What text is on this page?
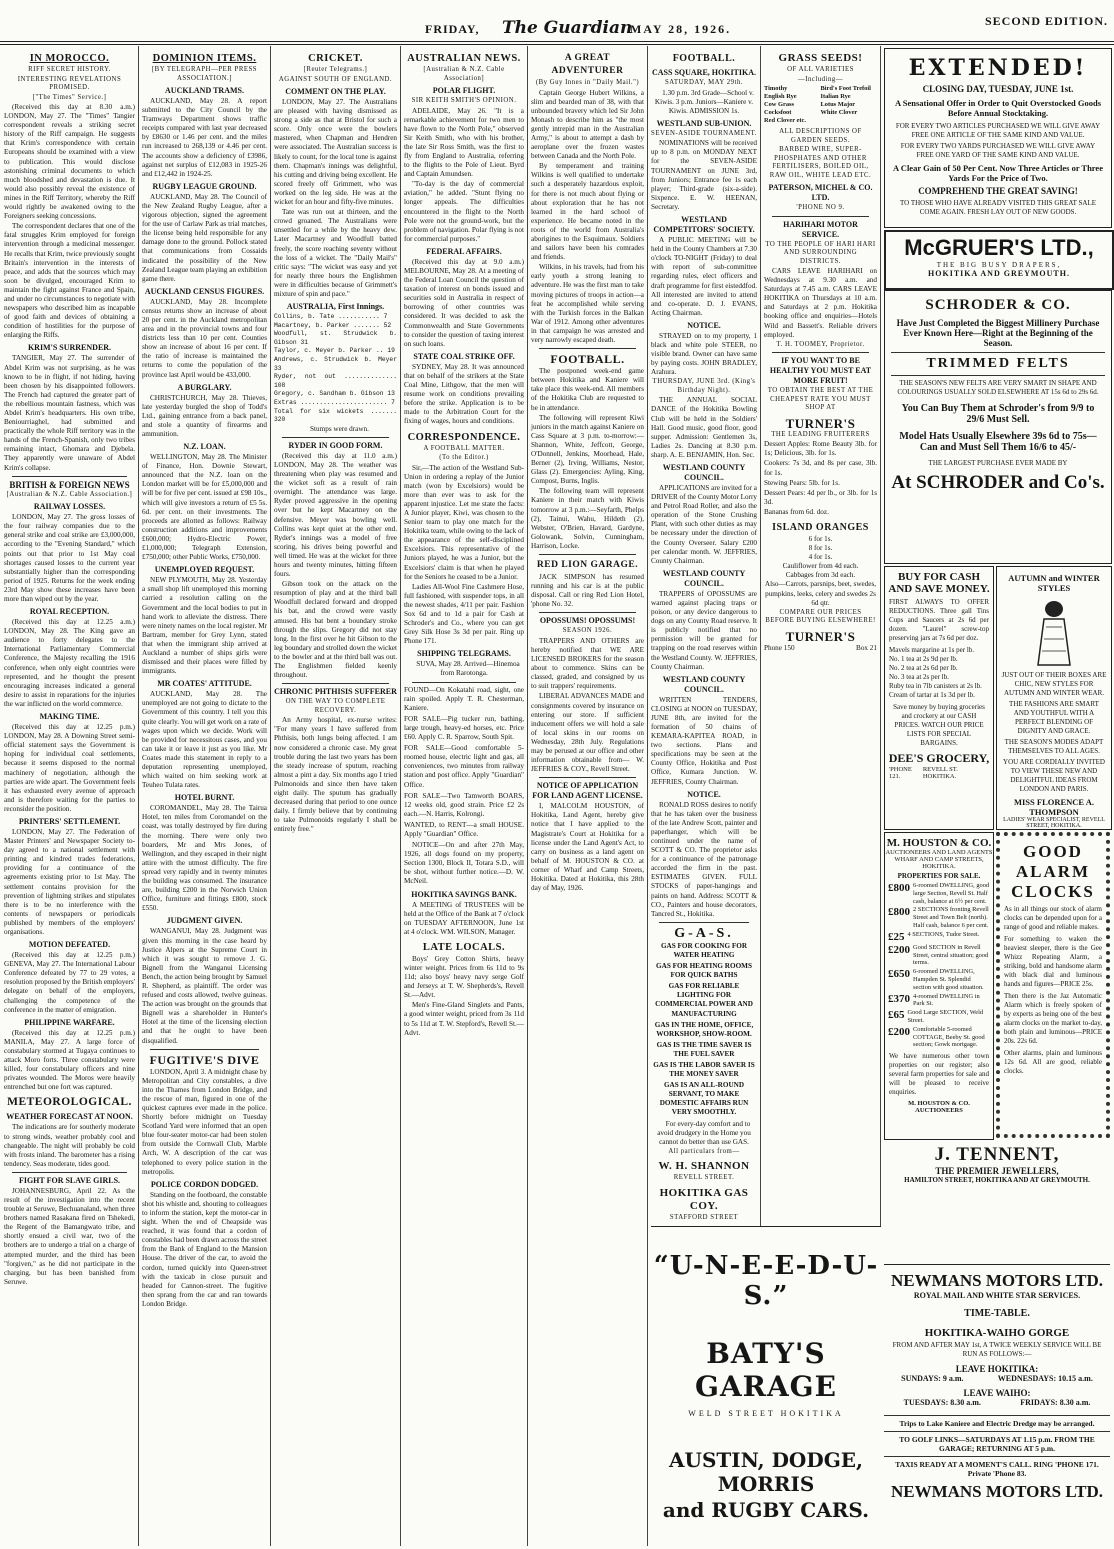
FRIDAY, The Guardian
MAY 28, 1926.
SECOND EDITION.
IN MOROCCO.
RIFF SECRET HISTORY.
INTERESTING REVELATIONS PROMISED.
["The Times" Service.]

(Received this day at 8.30 a.m.) LONDON, May 27. The "Times" Tangier correspondent reveals a striking secret history of the Riff campaign. He suggests that Krim's correspondence with certain Europeans should be examined with a view to publication. This would disclose astonishing criminal documents to which much bloodshed and devastation is due. It would also possibly reveal the existence of mines in the Riff Territory, whereby the Riff would rightly be awakened owing to the Foreigners seeking concessions.

The correspondent declares that one of the fatal struggles Krim employed for foreign intervention through a medicinal messenger. He recalls that Krim, twice previously sought Britain's intervention in the interests of peace, and adds that the sources which may soon be divulged, encouraged Krim to maintain the fight against France and Spain, and under no circumstances to negotiate with newspapers who described him as incapable of good faith and devices of obtaining a condition of hostilities for the purpose of enlarging the Riffs.

KRIM'S SURRENDER.

TANGIER, May 27. The surrender of Abdel Krim was not surprising, as he was known to be in flight, if not hiding, having been chosen by his disappointed followers. The French had captured the greater part of the rebellious mountain fastness, which was Abdel Krim's headquarters. His own tribe, Beniourriaghel, had submitted and practically the whole Riff territory was in the hands of the French-Spanish, only two tribes remaining intact, Ghomara and Djebela. They apparently were unaware of Abdel Krim's collapse.

BRITISH & FOREIGN NEWS
[Australian & N.Z. Cable Association.]
RAILWAY LOSSES.

LONDON, May 27. The gross losses of the four railway companies due to the general strike and coal strike are £3,000,000, according to the "Evening Standard," which points out that prior to 1st May coal shortages caused losses to the current year substantially higher than the corresponding period of 1925. Returns for the week ending 23rd May show these increases have been more than wiped out by the year.

ROYAL RECEPTION.

(Received this day at 12.25 a.m.) LONDON, May 28. The King gave an audience to forty delegates to the International Parliamentary Commercial Conference, the Majesty recalling the 1916 conference, when only eight countries were represented, and he thought the present encouraging increases indicated a general desire to assist in reparations for the injuries the war inflicted on the world commerce.

MAKING TIME.

(Received this day at 12.25 p.m.) LONDON, May 28. A Downing Street semi-official statement says the Government is hoping for individual coal settlements, because it seems disposed to the normal machinery of negotiation, although the parties are wide apart. The Government feels it has exhausted every avenue of approach and is therefore waiting for the parties to reconsider the position.

PRINTERS' SETTLEMENT.

LONDON, May 27. The Federation of Master Printers' and Newspaper Society to-day agreed to a national settlement with printing and kindred trades federations, providing for a continuance of the agreements existing prior to 1st May. The settlement contains provision for the prevention of lightning strikes and stipulates there is to be no interference with the contents of newspapers or periodicals published by members of the employers' organisations.

MOTION DEFEATED.

(Received this day at 12.25 p.m.) GENEVA, May 27. The International Labour Conference defeated by 77 to 29 votes, a resolution proposed by the British employers' delegate on behalf of the employers, challenging the competence of the conference in the matter of emigration.

PHILIPPINE WARFARE.

(Received this day at 12.25 p.m.) MANILA, May 27. A large force of constabulary stormed at Tugaya continues to attack Moro forts. Three constabulary were killed, four constabulary officers and nine privates wounded. The Moros were heavily entrenched but one fort was captured.

METEOROLOGICAL.
WEATHER FORECAST AT NOON.

The indications are for southerly moderate to strong winds, weather probably cool and changeable. The night will probably be cold with frosts inland. The barometer has a rising tendency. Seas moderate, tides good.

FIGHT FOR SLAVE GIRLS.

JOHANNESBURG, April 22. As the result of the investigation into the recent trouble at Seruwe, Bechuanaland, when three brothers named Rasakana fired on Tshekedi, the Regent of the Bamangwato tribe, and shortly ensued a civil war, two of the brothers are to undergo a trial on a charge of attempted murder, and the third has been "forgiven," as he did not participate in the charging, but has been banished from Seruwe.

DOMINION ITEMS.
[BY TELEGRAPH—PER PRESS ASSOCIATION.]
AUCKLAND TRAMS.

AUCKLAND, May 28. A report submitted to the City Council by the Tramways Department shows traffic receipts compared with last year decreased by £8630 or 1.46 per cent. and the miles run increased to 268,139 or 4.46 per cent. The accounts show a deficiency of £3986, against net surplus of £12,083 in 1925-26 and £12,442 in 1924-25.

RUGBY LEAGUE GROUND.

AUCKLAND, May 28. The Council of the New Zealand Rugby League, after a vigorous objection, signed the agreement for the use of Carlaw Park as trial matches, the license being held responsible for any damage done to the ground. Pollock stated that communications from Cossaids indicated the possibility of the New Zealand League team playing an exhibition game there.

AUCKLAND CENSUS FIGURES.

AUCKLAND, May 28. Incomplete census returns show an increase of about 20 per cent. in the Auckland metropolitan area and in the provincial towns and four districts less than 10 per cent. Counties show an increase of about 16 per cent. If the ratio of increase is maintained the returns to come the population of the province last April would be 433,000.

A BURGLARY.

CHRISTCHURCH, May 28. Thieves, late yesterday burgled the shop of Todd's Ltd., gaining entrance from a back panel, and stole a quantity of firearms and ammunition.

N.Z. LOAN.

WELLINGTON, May 28. The Minister of Finance, Hon. Downie Stewart, announced that the N.Z. loan on the London market will be for £5,000,000 and will be for five per cent. issued at £98 10s., which will give investors a return of £5 5s. 6d. per cent. on their investments. The proceeds are allotted as follows: Railway construction additions and improvements £600,000; Hydro-Electric Power, £1,000,000; Telegraph Extension, £750,000; other Public Works, £750,000.

UNEMPLOYED REQUEST.

NEW PLYMOUTH, May 28. Yesterday a small shop lift unemployed this morning carried a resolution calling on the Government and the local bodies to put in hand work to alleviate the distress. There were ninety names on the local register. Mr Bartram, member for Grey Lynn, stated that when the immigrant ship arrived at Auckland a number of ships girls were dismissed and their places were filled by immigrants.

MR COATES' ATTITUDE.

AUCKLAND, May 28. The unemployed are not going to dictate to the Government of this country. I tell you this quite clearly. You will get work on a rate of wages upon which we decide. Work will be provided for necessitous cases, and you can take it or leave it just as you like. Mr Coates made this statement in reply to a deputation representing unemployed, which waited on him seeking work at Teuheo Tulata rates.

HOTEL BURNT.

COROMANDEL, May 28. The Tairua Hotel, ten miles from Coromandel on the coast, was totally destroyed by fire during the morning. There were only two boarders, Mr and Mrs Jones, of Wellington, and they escaped in their night attire with the utmost difficulty. The fire spread very rapidly and in twenty minutes the building was consumed. The insurance are, building £200 in the Norwich Union Office, furniture and fittings £800, stock £550.

JUDGMENT GIVEN.

WANGANUI, May 28. Judgment was given this morning in the case heard by Justice Alpers at the Supreme Court in which it was sought to remove J. G. Bignell from the Wanganui Licensing Bench, the action being brought by Samuel R. Shepherd, as plaintiff. The order was refused and costs allowed, twelve guineas. The action was brought on the grounds that Bignell was a shareholder in Hunter's Hotel at the time of the licensing election and that he ought to have been disqualified.

FUGITIVE'S DIVE

LONDON, April 3. A midnight chase by Metropolitan and City constables, a dive into the Thames from London Bridge, and the rescue of man, figured in one of the quickest captures ever made in the police. Shortly before midnight on Tuesday Scotland Yard were informed that an open blue four-seater motor-car had been stolen from outside the Cornwall Club, Marble Arch, W. A description of the car was telephoned to every police station in the metropolis.

POLICE CORDON DODGED.

Standing on the footboard, the constable shot his whistle and, shouting to colleagues to inform the station, kept the motor-car in sight. When the end of Cheapside was reached, it was found that a cordon of constables had been drawn across the street from the Bank of England to the Mansion House. The driver of the car, to avoid the cordon, turned quickly into Queen-street with the taxicab in close pursuit and headed for Cannon-street. The fugitive then sprang from the car and ran towards London Bridge.

CRICKET.
[Reuter Telegrams.]
AGAINST SOUTH OF ENGLAND.
COMMENT ON THE PLAY.

LONDON, May 27. The Australians are pleased with having dismissed as strong a side as that at Bristol for such a score. Only once were the bowlers mastered, when Chapman and Hendren were associated. The Australian success is likely to count, for the local tone is against them. Chapman's innings was delightful, his cutting and driving being excellent. He scored freely off Grimmett, who was worked on the leg side. He was at the wicket for an hour and fifty-five minutes.

Tate was run out at thirteen, and the crowd groaned. The Australians were unsettled for a while by the heavy dew. Later Macartney and Woodfull batted freely, the score reaching seventy without the loss of a wicket. The "Daily Mail's" critic says: "The wicket was easy and yet for nearly three hours the Englishmen were in difficulties because of Grimmett's mixture of spin and pace."

AUSTRALIA, First Innings.
Collins, b. Tate ........... 7
Macartney, b. Parker ....... 52
Woodfull, st. Strudwick b. Gibson 31
Taylor, c. Meyer b. Parker .. 19
Andrews, c. Strudwick b. Meyer 33
Ryder, not out .............. 108
Gregory, c. Sandham b. Gibson 13
Extras ....................... 7
Total for six wickets ....... 320

Stumps were drawn.

RYDER IN GOOD FORM.

(Received this day at 11.0 a.m.) LONDON, May 28. The weather was threatening when play was resumed and the wicket soft as a result of rain overnight. The attendance was large. Ryder proved aggressive in the opening over but he kept Macartney on the defensive. Meyer was bowling well. Collins was kept quiet at the other end. Ryder's innings was a model of free scoring, his drives being powerful and well timed. He was at the wicket for three hours and twenty minutes, hitting fifteen fours.

Gibson took on the attack on the resumption of play and at the third ball Woodfull declared forward and dropped his bat, and the crowd were vastly amused. His bat bent a boundary stroke through the slips. Gregory did not stay long. In the first over he hit Gibson to the leg boundary and strolled down the wicket to the bowler and at the third ball was out. The Englishmen fielded keenly throughout.

CHRONIC PHTHISIS SUFFERER
ON THE WAY TO COMPLETE RECOVERY.

An Army hospital, ex-nurse writes: "For many years I have suffered from Phthisis, both lungs being affected. I am now considered a chronic case. My great trouble during the last two years has been the steady increase of sputum, reaching almost a pint a day. Six months ago I tried Pulmonoids and since then have taken eight daily. The sputum has gradually decreased during that period to one ounce daily. I firmly believe that by continuing to take Pulmonoids regularly I shall be entirely free."

AUSTRALIAN NEWS.
[Australian & N.Z. Cable Association]
POLAR FLIGHT.
SIR KEITH SMITH'S OPINION.

ADELAIDE, May 26. "It is a remarkable achievement for two men to have flown to the North Pole," observed Sir Keith Smith, who with his brother, the late Sir Ross Smith, was the first to fly from England to Australia, referring to the flights to the Pole of Lieut. Byrd and Captain Amundsen.

"To-day is the day of commercial aviation," he added. "Stunt flying no longer appeals. The difficulties encountered in the flight to the North Pole were not the ground-work, but the problem of navigation. Polar flying is not for commercial purposes."

FEDERAL AFFAIRS.

(Received this day at 9.0 a.m.) MELBOURNE, May 28. At a meeting of the Federal Loan Council the question of taxation of interest on bonds issued and securities sold in Australia in respect of borrowing of other countries was considered. It was decided to ask the Commonwealth and State Governments to consider the question of taxing interest on such loans.

STATE COAL STRIKE OFF.

SYDNEY, May 28. It was announced that on behalf of the strikers at the State Coal Mine, Lithgow, that the men will resume work on conditions prevailing before the strike. Application is to be made to the Arbitration Court for the fixing of wages, hours and conditions.

CORRESPONDENCE.
A FOOTBALL MATTER.
(To the Editor.)

Sir,—The action of the Westland Sub-Union in ordering a replay of the Junior match (won by Excelsiors) would be more than ever was to ask for the apparent injustice. Let me state the facts: A Junior player, Kiwi, was chosen to the Senior team to play one match for the Hokitika team, while owing to the lack of the appearance of the self-disciplined Excelsiors. This representative of the Juniors played, he was a Junior, but the Excelsiors' claim is that when he played for the Seniors he ceased to be a Junior.

Ladies All-Wool Fine Cashmere Hose, full fashioned, with suspender tops, in all the newest shades, 4/11 per pair. Fashion Sox 6d and to 1d a pair for Cash at Schroder's and Co., where you can get Grey Silk Hose 3s 3d per pair. Ring up Phone 171.

SHIPPING TELEGRAMS.

SUVA, May 28. Arrived—Hinemoa from Rarotonga.

FOUND—On Kokatahi road, sight, one rain spoiled. Apply T. R. Chesterman, Kaniere.
FOR SALE—Pig tucker run, bathing, large trough, heavy-ed horses, etc. Price £60. Apply C. R. Sparrow, South Spit.
FOR SALE—Good comfortable 5-roomed house, electric light and gas, all conveniences, two minutes from railway station and post office. Apply "Guardian" Office.
FOR SALE—Two Tamworth BOARS, 12 weeks old, good strain. Price £2 2s each.—N. Harris, Kolrongi.
WANTED, to RENT—a small HOUSE. Apply "Guardian" Office.

NOTICE—On and after 27th May, 1926, all dogs found on my property, Section 1300, Block II, Totara S.D., will be shot, without further notice.—D. W. McNeil.

HOKITIKA SAVINGS BANK.

A MEETING of TRUSTEES will be held at the Office of the Bank at 7 o'clock on TUESDAY AFTERNOON, June 1st at 4 o'clock. WM. WILSON, Manager.

LATE LOCALS.

Boys' Grey Cotton Shirts, heavy winter weight. Prices from 6s 11d to 9s 11d; also boys' heavy navy serge Golf and Jerseys at T. W. Shepherds's, Revell St.—Advt.

Men's Fine-Gland Singlets and Pants, a good winter weight, priced from 3s 11d to 5s 11d at T. W. Stepford's, Revell St.—Advt.

A GREAT ADVENTURER
(By Guy Innes in "Daily Mail.")

Captain George Hubert Wilkins, a slim and bearded man of 38, with that unbounded bravery which led Sir John Monash to describe him as "the most gently intrepid man in the Australian Army," is about to attempt a dash by aeroplane over the frozen wastes between Canada and the North Pole.

By temperament and training Wilkins is well qualified to undertake such a desperately hazardous exploit, for there is not much about flying or about exploration that he has not learned in the hard school of experience. He became noted in the roots of the world from Australia's aborigines to the Esquimaux. Soldiers and sailors have been his comrades and friends.

Wilkins, in his travels, had from his early youth a strong leaning to adventure. He was the first man to take moving pictures of troops in action—a feat he accomplished while serving with the Turkish forces in the Balkan War of 1912. Among other adventures in that campaign he was arrested and very narrowly escaped death.

FOOTBALL.

The postponed week-end game between Hokitika and Kaniere will take place this week-end. All members of the Hokitika Club are requested to be in attendance.

The following will represent Kiwi juniors in the match against Kaniere on Cass Square at 3 p.m. to-morrow:—Shannon, White, Jeffcott, George, O'Donnell, Jenkins, Moorhead, Hale, Berner (2), Irving, Williams, Nestor, Glass (2). Emergencies: Ayling, King, Compost, Burns, Inglis.

The following team will represent Kaniere in their match with Kiwis tomorrow at 3 p.m.:—Seyfarth, Phelps (2), Tainui, Wahu, Hildeth (2), Webster, O'Brien, Havard, Gardyne, Golowank, Solvin, Cunningham, Harrison, Locke.

RED LION GARAGE.

JACK SIMPSON has resumed running and his car is at the public disposal. Call or ring Red Lion Hotel, 'phone No. 32.

OPOSSUMS! OPOSSUMS!
SEASON 1926.

TRAPPERS AND OTHERS are hereby notified that WE ARE LICENSED BROKERS for the season about to commence. Skins can be classed, graded, and consigned by us to suit trappers' requirements.

LIBERAL ADVANCES MADE and consignments covered by insurance on entering our store. If sufficient inducement offers we will hold a sale of local skins in our rooms on Wednesday, 28th July. Regulations may be perused at our office and other information obtainable from— W. JEFFRIES & COY., Revell Street.

NOTICE OF APPLICATION FOR LAND AGENT LICENSE.

I, MALCOLM HOUSTON, of Hokitika, Land Agent, hereby give notice that I have applied to the Magistrate's Court at Hokitika for a license under the Land Agent's Act, to carry on business as a land agent on behalf of M. HOUSTON & CO. at corner of Wharf and Camp Streets, Hokitika. Dated at Hokitika, this 28th day of May, 1926.

FOOTBALL.
CASS SQUARE, HOKITIKA.
SATURDAY, MAY 29th.

1.30 p.m. 3rd Grade—School v. Kiwis. 3 p.m. Juniors—Kaniere v. Kiwis. ADMISSION 1s.

WESTLAND SUB-UNION.
SEVEN-ASIDE TOURNAMENT.

NOMINATIONS will be received up to 8 p.m. on MONDAY NEXT for the SEVEN-ASIDE TOURNAMENT on JUNE 3rd, from Juniors; Entrance fee 1s each player; Third-grade (six-a-side). Sixpence. E. W. HEENAN, Secretary.

WESTLAND COMPETITORS' SOCIETY.

A PUBLIC MEETING will be held in the County Chambers at 7.30 o'clock TO-NIGHT (Friday) to deal with report of sub-committee regarding rules, elect officers and draft programme for first eisteddfod. All interested are invited to attend and co-operate. D. J. EVANS, Acting Chairman.

NOTICE.

STRAYED on to my property, 1 black and white pole STEER, no visible brand. Owner can have same by paying costs. JOHN BRADLEY, Arahura.

THURSDAY, JUNE 3rd. (King's Birthday Night).

THE ANNUAL SOCIAL DANCE of the Hokitika Bowling Club will be held in the Soldiers' Hall. Good music, good floor, good supper. Admission: Gentlemen 3s, Ladies 2s. Dancing at 8.30 p.m. sharp. A. E. BENJAMIN, Hon. Sec.

WESTLAND COUNTY COUNCIL.

APPLICATIONS are invited for a DRIVER of the County Motor Lorry and Petrol Road Roller, and also the operation of the Stone Crushing Plant, with such other duties as may be necessary under the direction of the County Overseer. Salary £200 per calendar month. W. JEFFRIES, County Chairman.

WESTLAND COUNTY COUNCIL.

TRAPPERS of OPOSSUMS are warned against placing traps or poison, or any device dangerous to dogs on any County Road reserve. It is publicly notified that no permission will be granted for trapping on the road reserves within the Westland County. W. JEFFRIES, County Chairman.

WESTLAND COUNTY COUNCIL.

WRITTEN TENDERS, CLOSING at NOON on TUESDAY, JUNE 8th, are invited for the formation of 50 chains of KEMARA-KAPITEA ROAD, in two sections. Plans and specifications may be seen at the County Office, Hokitika and Post Office, Kumara Junction. W. JEFFRIES, County Chairman.

NOTICE.

RONALD ROSS desires to notify that he has taken over the business of the late Andrew Scott, painter and paperhanger, which will be continued under the name of SCOTT & CO. The proprietor asks for a continuance of the patronage accorded the firm in the past. ESTIMATES GIVEN. FULL STOCKS of paper-hangings and paints on hand. Address: SCOTT & CO., Painters and house decorators, Tancred St., Hokitika.

G-A-S.
GAS FOR COOKING FOR WATER HEATING
GAS FOR HEATING ROOMS FOR QUICK BATHS
GAS FOR RELIABLE LIGHTING FOR COMMERCIAL POWER AND MANUFACTURING
GAS IN THE HOME, OFFICE, WORKSHOP, SHOW-ROOM.
GAS IS THE TIME SAVER IS THE FUEL SAVER
GAS IS THE LABOR SAVER IS THE MONEY SAVER
GAS IS AN ALL-ROUND SERVANT, TO MAKE DOMESTIC AFFAIRS RUN VERY SMOOTHLY.

For every-day comfort and to avoid drudgery in the Home you cannot do better than use GAS.

All particulars from—
W. H. SHANNON
REVELL STREET.
HOKITIKA GAS COY.
STAFFORD STREET
GRASS SEEDS!
OF ALL VARIETIES
—Including—
Timothy	Bird's Foot Trefoil
English Rye	Italian Rye
Cow Grass	Lotus Major
Cocksfoot	White Clover
Red Clover etc.
ALL DESCRIPTIONS OF GARDEN SEEDS.
BARBED WIRE, SUPER-PHOSPHATES AND OTHER FERTILISERS, BOILED OIL, RAW OIL, WHITE LEAD ETC.
PATERSON, MICHEL & CO. LTD.
'PHONE NO 9.
HARIHARI MOTOR SERVICE.
TO THE PEOPLE OF HARI HARI AND SURROUNDING DISTRICTS.

CARS LEAVE HARIHARI on Wednesdays at 9.30 a.m. and Saturdays at 7.45 a.m. CARS LEAVE HOKITIKA on Thursdays at 10 a.m. and Saturdays at 2 p.m. Hokitika booking office and enquiries—Hotels Wild and Bassett's. Reliable drivers employed.

T. H. TOOMEY, Proprietor.
IF YOU WANT TO BE HEALTHY YOU MUST EAT MORE FRUIT!
TO OBTAIN THE BEST AT THE CHEAPEST RATE YOU MUST SHOP AT
TURNER'S
THE LEADING FRUITERERS
Dessert Apples: Rome Beauty 3lb. for 1s; Delicious, 3lb. for 1s.
Cookers: 7s 3d, and 8s per case, 3lb. for 1s.
Stewing Pears: 5lb. for 1s.
Dessert Pears: 4d per lb., or 3lb. for 1s 3d.
Bananas from 6d. doz.
ISLAND ORANGES
6 for 1s.
8 for 1s.
4 for 1s.
Cauliflower from 4d each.
Cabbages from 3d each.
Also—Carrots, parsnips, beet, swedes, pumpkins, leeks, celery and swedes 2s 6d qtr.
COMPARE OUR PRICES BEFORE BUYING ELSEWHERE!
TURNER'S
Phone 150	Box 21
EXTENDED!
CLOSING DAY, TUESDAY, JUNE 1st.
A Sensational Offer in Order to Quit Overstocked Goods Before Annual Stocktaking.
FOR EVERY TWO ARTICLES PURCHASED WE WILL GIVE AWAY FREE ONE ARTICLE OF THE SAME KIND AND VALUE.
FOR EVERY TWO YARDS PURCHASED WE WILL GIVE AWAY FREE ONE YARD OF THE SAME KIND AND VALUE.
A Clear Gain of 50 Per Cent. Now Three Articles or Three Yards For the Price of Two.
COMPREHEND THE GREAT SAVING!
TO THOSE WHO HAVE ALREADY VISITED THIS GREAT SALE COME AGAIN. FRESH LAY OUT OF NEW GOODS.
McGRUER'S LTD.,
THE BIG BUSY DRAPERS,
HOKITIKA AND GREYMOUTH.
SCHRODER & CO.
Have Just Completed the Biggest Millinery Purchase Ever Known Here—Right at the Beginning of the Season.
TRIMMED FELTS
THE SEASON'S NEW FELTS ARE VERY SMART IN SHAPE AND COLOURINGS USUALLY SOLD ELSEWHERE AT 15s 6d to 29s 6d.
You Can Buy Them at Schroder's from 9/9 to 29/6 Must Sell.
Model Hats Usually Elsewhere 39s 6d to 75s—Can and Must Sell Them 16/6 to 45/-
THE LARGEST PURCHASE EVER MADE BY
At SCHRODER and Co's.
BUY FOR CASH AND SAVE MONEY.
FIRST ALWAYS TO OFFER REDUCTIONS. Three gall Tins Cups and Saucers at 2s 6d per dozen. "Laurel" screw-top preserving jars at 7s 6d per doz.
Mavels margarine at 1s per lb.
No. 1 tea at 2s 9d per lb.
No. 2 tea at 2s 6d per lb.
No. 3 tea at 2s per lb.
Ruby tea in 7lb canisters at 2s lb.
Cream of tartar at 1s 3d per lb.
Save money by buying groceries and crockery at our CASH PRICES. WATCH OUR PRICE LISTS FOR SPECIAL BARGAINS.
DEE'S GROCERY,
'PHONE 121.
REVELL ST. HOKITIKA.
AUTUMN and WINTER STYLES
JUST OUT OF THEIR BOXES ARE CHIC, NEW STYLES FOR AUTUMN AND WINTER WEAR.
THE FASHIONS ARE SMART AND YOUTHFUL WITH A PERFECT BLENDING OF DIGNITY AND GRACE.
THE SEASON'S MODES ADAPT THEMSELVES TO ALL AGES.
YOU ARE CORDIALLY INVITED TO VIEW THESE NEW AND DELIGHTFUL IDEAS FROM LONDON AND PARIS.
MISS FLORENCE A. THOMPSON
LADIES' WEAR SPECIALIST, REVELL STREET, HOKITIKA.
M. HOUSTON & CO.
AUCTIONEERS AND LAND AGENTS
WHARF AND CAMP STREETS, HOKITIKA.
PROPERTIES FOR SALE.
£800 6-roomed DWELLING, good large Section, Revell St. Half cash, balance at 6½ per cent.
£800 2 SECTIONS fronting Revell Street and Town Belt (north). Half cash, balance 6 per cent.
£25 4 SECTIONS, Tudor Street.
£200 Good SECTION in Revell Street, central situation; good terms.
£650 6-roomed DWELLING, Hampden St. Splendid section with good situation.
£370 4-roomed DWELLING in Park St.
£65 Good Large SECTION, Weld Street.
£200 Comfortable 5-roomed COTTAGE, Beeby St. good section; Gowk mortgage.
We have numerous other town properties on our register; also several farm properties for sale and will be pleased to receive enquiries.
M. HOUSTON & CO. AUCTIONEERS
GOOD
ALARM
CLOCKS
As in all things our stock of alarm clocks can be depended upon for a range of good and reliable makes.
For something to waken the heaviest sleeper, there is the Gee Whizz Repeating Alarm, a striking, bold and handsome alarm with black dial and luminous hands and figures—PRICE 25s.
Then there is the Jaz Automatic Alarm which is freely spoken of by experts as being one of the best alarm clocks on the market to-day, both plain and luminous—PRICE 20s. 22s 6d.
Other alarms, plain and luminous 12s 6d. All are good, reliable clocks.
J. TENNENT,
THE PREMIER JEWELLERS,
HAMILTON STREET, HOKITIKA AND AT GREYMOUTH.
“U-N-E-E-D-U-S.”
BATY'S GARAGE
WELD STREET HOKITIKA
AUSTIN, DODGE, MORRIS
and RUGBY CARS.
NEWMANS MOTORS LTD.
ROYAL MAIL AND WHITE STAR SERVICES.
TIME-TABLE.
HOKITIKA-WAIHO GORGE
FROM AND AFTER MAY 1st, A TWICE WEEKLY SERVICE WILL BE RUN AS FOLLOWS:—
LEAVE HOKITIKA:
SUNDAYS: 9 a.m.	WEDNESDAYS: 10.15 a.m.
LEAVE WAIHO:
TUESDAYS: 8.30 a.m.	FRIDAYS: 8.30 a.m.
Trips to Lake Kaniere and Electric Dredge may be arranged.
TO GOLF LINKS—SATURDAYS AT 1.15 p.m. FROM THE GARAGE; RETURNING AT 5 p.m.
TAXIS READY AT A MOMENT'S CALL. RING 'PHONE 171. Private 'Phone 83.
NEWMANS MOTORS LTD.
